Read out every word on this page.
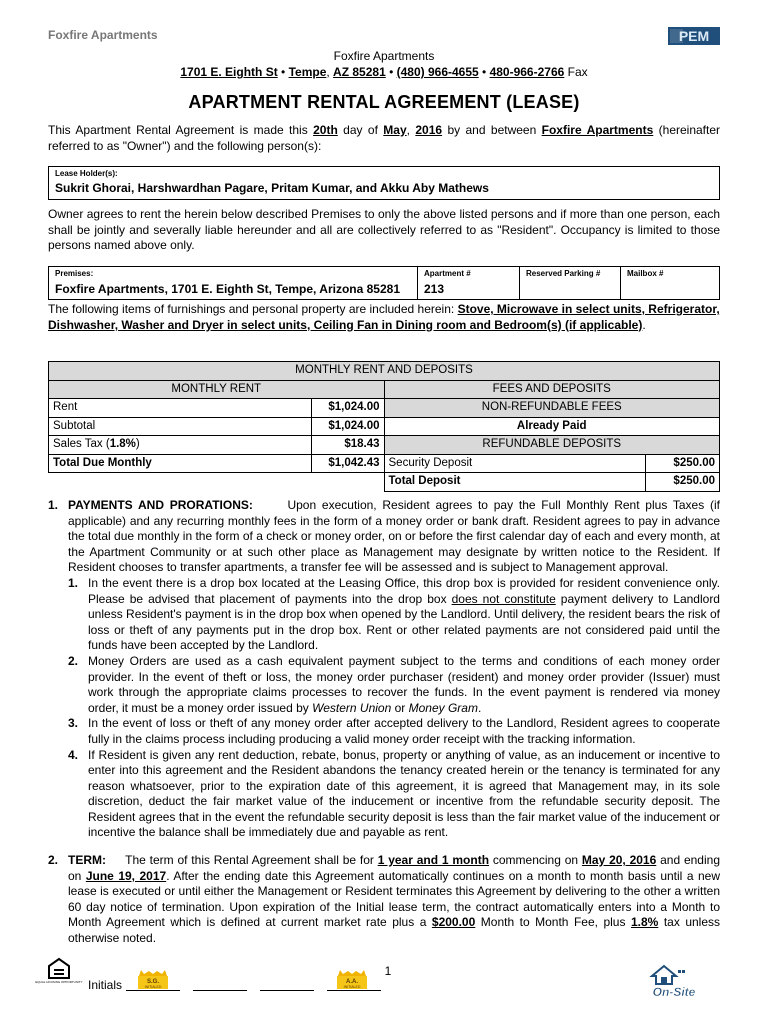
Foxfire Apartments	PEM
Foxfire Apartments
1701 E. Eighth St • Tempe, AZ 85281 • (480) 966-4655 • 480-966-2766 Fax
APARTMENT RENTAL AGREEMENT (LEASE)
This Apartment Rental Agreement is made this 20th day of May, 2016 by and between Foxfire Apartments (hereinafter referred to as "Owner") and the following person(s):
Lease Holder(s):
Sukrit Ghorai, Harshwardhan Pagare, Pritam Kumar, and Akku Aby Mathews
Owner agrees to rent the herein below described Premises to only the above listed persons and if more than one person, each shall be jointly and severally liable hereunder and all are collectively referred to as "Resident". Occupancy is limited to those persons named above only.
Premises:
Foxfire Apartments, 1701 E. Eighth St, Tempe, Arizona 85281
Apartment #
213
Reserved Parking #	Mailbox #
The following items of furnishings and personal property are included herein: Stove, Microwave in select units, Refrigerator, Dishwasher, Washer and Dryer in select units, Ceiling Fan in Dining room and Bedroom(s) (if applicable).
MONTHLY RENT AND DEPOSITS			
MONTHLY RENT		FEES AND DEPOSITS	
Rent	$1,024.00	NON-REFUNDABLE FEES	
Subtotal	$1,024.00	Already Paid	
Sales Tax (1.8%)	$18.43	REFUNDABLE DEPOSITS	
Total Due Monthly	$1,042.43	Security Deposit	$250.00
		Total Deposit	$250.00
1. PAYMENTS AND PRORATIONS:	Upon execution, Resident agrees to pay the Full Monthly Rent plus Taxes (if applicable) and any recurring monthly fees in the form of a money order or bank draft. Resident agrees to pay in advance the total due monthly in the form of a check or money order, on or before the first calendar day of each and every month, at the Apartment Community or at such other place as Management may designate by written notice to the Resident. If Resident chooses to transfer apartments, a transfer fee will be assessed and is subject to Management approval.
1. In the event there is a drop box located at the Leasing Office, this drop box is provided for resident convenience only. Please be advised that placement of payments into the drop box does not constitute payment delivery to Landlord unless Resident's payment is in the drop box when opened by the Landlord. Until delivery, the resident bears the risk of loss or theft of any payments put in the drop box. Rent or other related payments are not considered paid until the funds have been accepted by the Landlord.
2. Money Orders are used as a cash equivalent payment subject to the terms and conditions of each money order provider. In the event of theft or loss, the money order purchaser (resident) and money order provider (Issuer) must work through the appropriate claims processes to recover the funds. In the event payment is rendered via money order, it must be a money order issued by Western Union or Money Gram.
3. In the event of loss or theft of any money order after accepted delivery to the Landlord, Resident agrees to cooperate fully in the claims process including producing a valid money order receipt with the tracking information.
4. If Resident is given any rent deduction, rebate, bonus, property or anything of value, as an inducement or incentive to enter into this agreement and the Resident abandons the tenancy created herein or the tenancy is terminated for any reason whatsoever, prior to the expiration date of this agreement, it is agreed that Management may, in its sole discretion, deduct the fair market value of the inducement or incentive from the refundable security deposit. The Resident agrees that in the event the refundable security deposit is less than the fair market value of the inducement or incentive the balance shall be immediately due and payable as rent.
2. TERM: The term of this Rental Agreement shall be for 1 year and 1 month commencing on May 20, 2016 and ending on June 19, 2017. After the ending date this Agreement automatically continues on a month to month basis until a new lease is executed or until either the Management or Resident terminates this Agreement by delivering to the other a written 60 day notice of termination. Upon expiration of the Initial lease term, the contract automatically enters into a Month to Month Agreement which is defined at current market rate plus a $200.00 Month to Month Fee, plus 1.8% tax unless otherwise noted.
EQUAL HOUSING OPPORTUNITY
1
Initials	S.G.
INITIALED
A.A.
INITIALED	On-Site
